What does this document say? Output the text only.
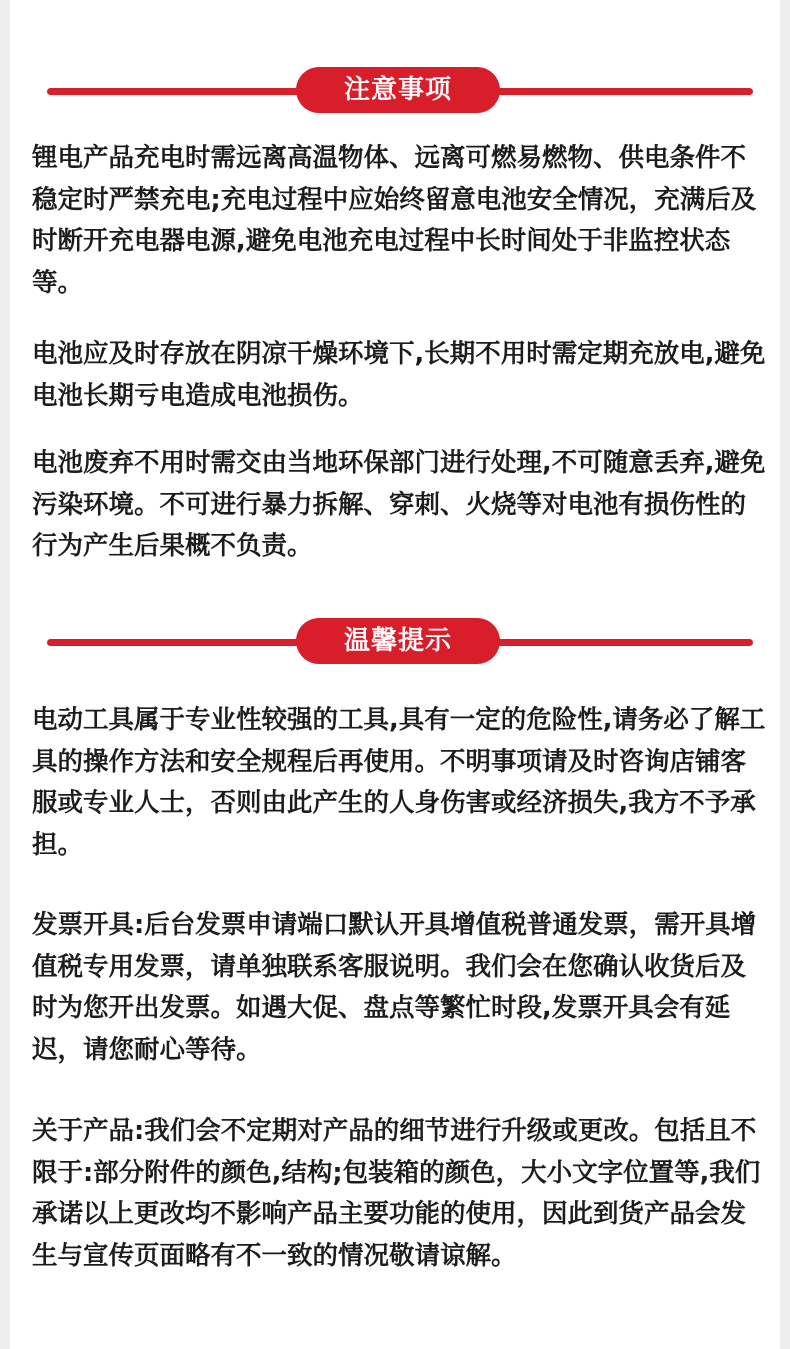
注意事项

锂电产品充电时需远离高温物体、远离可燃易燃物、供电条件不稳定时严禁充电;充电过程中应始终留意电池安全情况，充满后及时断开充电器电源,避免电池充电过程中长时间处于非监控状态等。

电池应及时存放在阴凉干燥环境下,长期不用时需定期充放电,避免电池长期亏电造成电池损伤。

电池废弃不用时需交由当地环保部门进行处理,不可随意丢弃,避免污染环境。不可进行暴力拆解、穿刺、火烧等对电池有损伤性的行为产生后果概不负责。

温馨提示

电动工具属于专业性较强的工具,具有一定的危险性,请务必了解工具的操作方法和安全规程后再使用。不明事项请及时咨询店铺客服或专业人士，否则由此产生的人身伤害或经济损失,我方不予承担。

发票开具:后台发票申请端口默认开具增值税普通发票，需开具增值税专用发票，请单独联系客服说明。我们会在您确认收货后及时为您开出发票。如遇大促、盘点等繁忙时段,发票开具会有延迟，请您耐心等待。

关于产品:我们会不定期对产品的细节进行升级或更改。包括且不限于:部分附件的颜色,结构;包装箱的颜色，大小文字位置等,我们承诺以上更改均不影响产品主要功能的使用，因此到货产品会发生与宣传页面略有不一致的情况敬请谅解。
